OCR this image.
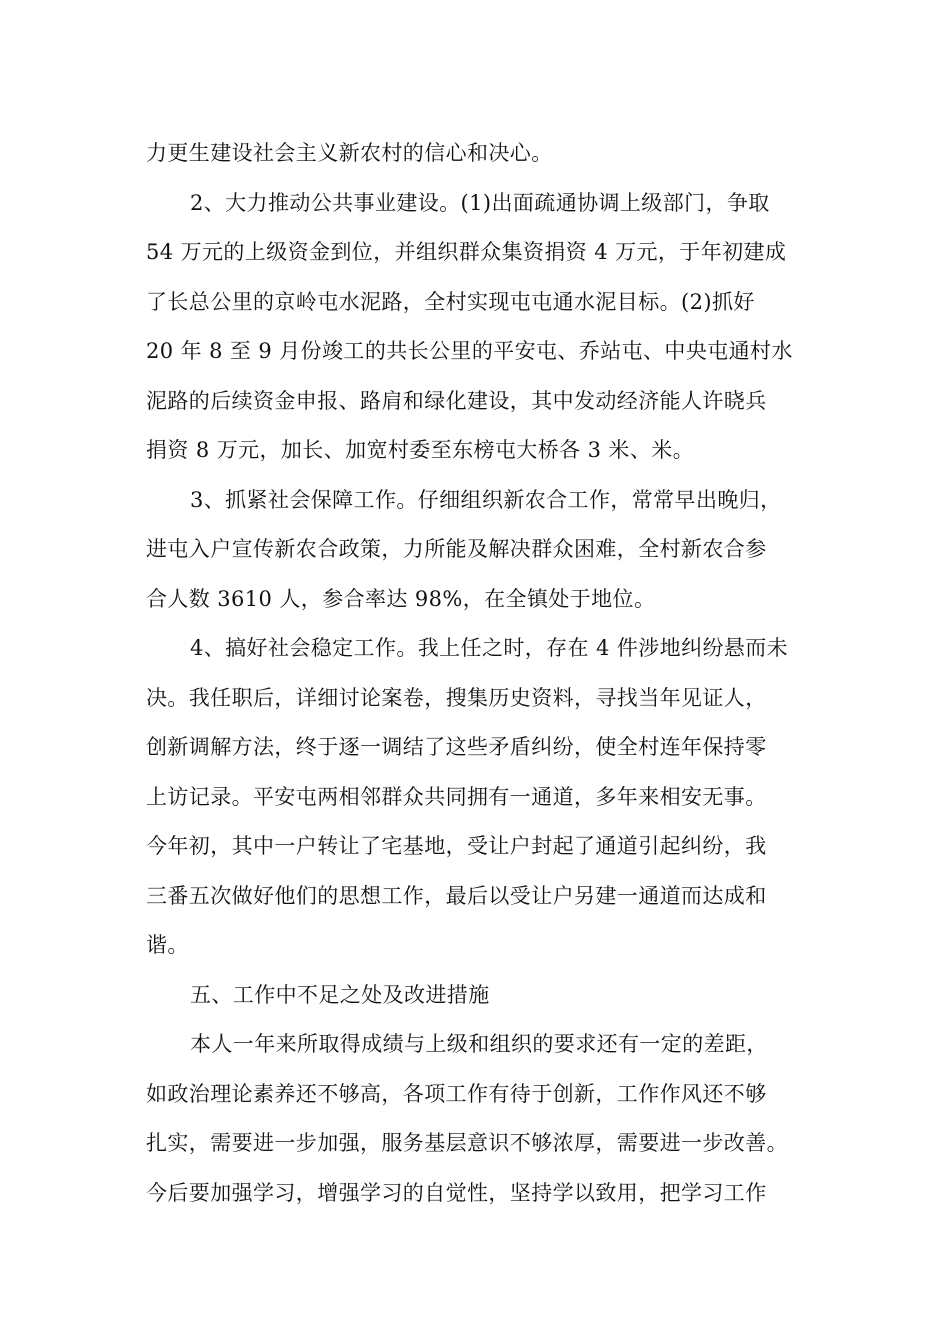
力更生建设社会主义新农村的信心和决心。
2、大力推动公共事业建设。(1)出面疏通协调上级部门，争取
54 万元的上级资金到位，并组织群众集资捐资 4 万元，于年初建成
了长总公里的京岭屯水泥路，全村实现屯屯通水泥目标。(2)抓好
20 年 8 至 9 月份竣工的共长公里的平安屯、乔站屯、中央屯通村水
泥路的后续资金申报、路肩和绿化建设，其中发动经济能人许晓兵
捐资 8 万元，加长、加宽村委至东榜屯大桥各 3 米、米。
3、抓紧社会保障工作。仔细组织新农合工作，常常早出晚归，
进屯入户宣传新农合政策，力所能及解决群众困难，全村新农合参
合人数 3610 人，参合率达 98%，在全镇处于地位。
4、搞好社会稳定工作。我上任之时，存在 4 件涉地纠纷悬而未
决。我任职后，详细讨论案卷，搜集历史资料，寻找当年见证人，
创新调解方法，终于逐一调结了这些矛盾纠纷，使全村连年保持零
上访记录。平安屯两相邻群众共同拥有一通道，多年来相安无事。
今年初，其中一户转让了宅基地，受让户封起了通道引起纠纷，我
三番五次做好他们的思想工作，最后以受让户另建一通道而达成和
谐。
五、工作中不足之处及改进措施
本人一年来所取得成绩与上级和组织的要求还有一定的差距，
如政治理论素养还不够高，各项工作有待于创新，工作作风还不够
扎实，需要进一步加强，服务基层意识不够浓厚，需要进一步改善。
今后要加强学习，增强学习的自觉性，坚持学以致用，把学习工作
